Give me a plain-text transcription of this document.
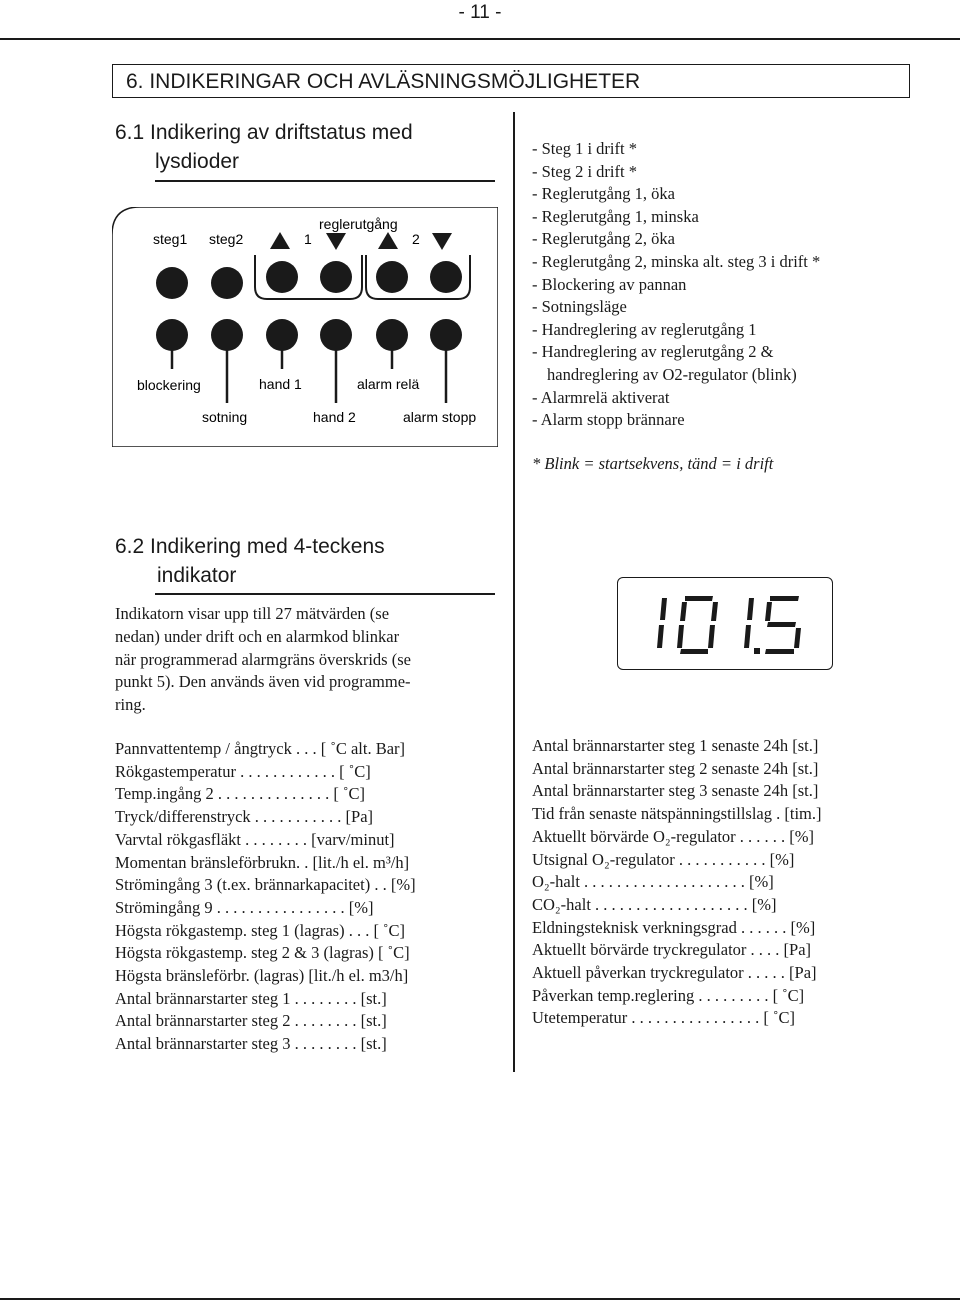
- 11 -
6. INDIKERINGAR OCH AVLÄSNINGSMÖJLIGHETER
6.1 Indikering av driftstatus med
lysdioder
steg1 steg2
reglerutgång
1	2
blockering	hand 1	alarm relä
sotning	hand 2	alarm stopp
- Steg 1 i drift *
- Steg 2 i drift *
- Reglerutgång 1, öka
- Reglerutgång 1, minska
- Reglerutgång 2, öka
- Reglerutgång 2, minska alt. steg 3 i drift *
- Blockering av pannan
- Sotningsläge
- Handreglering av reglerutgång 1
- Handreglering av reglerutgång 2 &
handreglering av O2-regulator (blink)
- Alarmrelä aktiverat
- Alarm stopp brännare
* Blink = startsekvens, tänd = i drift
6.2 Indikering med 4-teckens
indikator
Indikatorn visar upp till 27 mätvärden (se
nedan) under drift och en alarmkod blinkar
när programmerad alarmgräns överskrids (se
punkt 5). Den används även vid programme-
ring.
Pannvattentemp / ångtryck . . . [ ˚C alt. Bar]
Rökgastemperatur . . . . . . . . . . . . [ ˚C]
Temp.ingång 2 . . . . . . . . . . . . . . [ ˚C]
Tryck/differenstryck . . . . . . . . . . . [Pa]
Varvtal rökgasfläkt . . . . . . . . [varv/minut]
Momentan bränsleförbrukn. . [lit./h el. m³/h]
Strömingång 3 (t.ex. brännarkapacitet) . . [%]
Strömingång 9 . . . . . . . . . . . . . . . . [%]
Högsta rökgastemp. steg 1 (lagras) . . . [ ˚C]
Högsta rökgastemp. steg 2 & 3 (lagras) [ ˚C]
Högsta bränsleförbr. (lagras) [lit./h el. m3/h]
Antal brännarstarter steg 1 . . . . . . . . [st.]
Antal brännarstarter steg 2 . . . . . . . . [st.]
Antal brännarstarter steg 3 . . . . . . . . [st.]
Antal brännarstarter steg 1 senaste 24h [st.]
Antal brännarstarter steg 2 senaste 24h [st.]
Antal brännarstarter steg 3 senaste 24h [st.]
Tid från senaste nätspänningstillslag . [tim.]
Aktuellt börvärde O₂-regulator . . . . . . [%]
Utsignal O₂-regulator . . . . . . . . . . . [%]
O₂-halt . . . . . . . . . . . . . . . . . . . . [%]
CO₂-halt . . . . . . . . . . . . . . . . . . . [%]
Eldningsteknisk verkningsgrad . . . . . . [%]
Aktuellt börvärde tryckregulator . . . . [Pa]
Aktuell påverkan tryckregulator . . . . . [Pa]
Påverkan temp.reglering . . . . . . . . . [ ˚C]
Utetemperatur . . . . . . . . . . . . . . . . [ ˚C]
